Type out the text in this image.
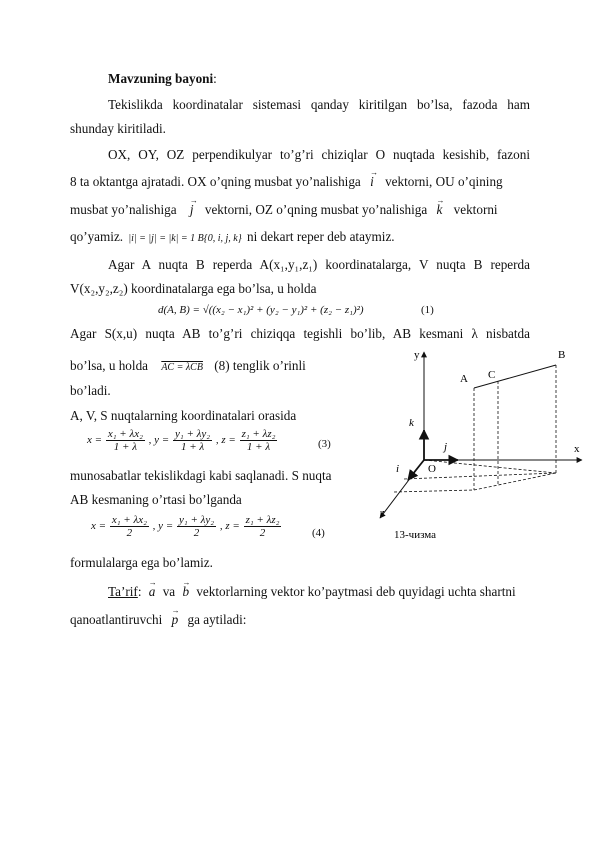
Mavzuning bayoni:
Tekislikda koordinatalar sistemasi qanday kiritilgan bo’lsa, fazoda ham
shunday kiritiladi.
OX, OY, OZ perpendikulyar to’g’ri chiziqlar O nuqtada kesishib, fazoni
8 ta oktantga ajratadi. OX o’qning musbat yo’nalishiga → i vektorni, OU o’qining
musbat yo’nalishiga → j vektorni, OZ o’qning musbat yo’nalishiga → k vektorni
qo’yamiz. |i| = |j| = |k| = 1 B{0, i, j, k} ni dekart reper deb ataymiz.
Agar A nuqta B reperda A(x₁,y₁,z₁) koordinatalarga, V nuqta B reperda
V(x₂,y₂,z₂) koordinatalarga ega bo’lsa, u holda
d(A, B) = √((x₂ − x₁)² + (y₂ − y₁)² + (z₂ − z₁)²)	(1)
Agar S(x,u) nuqta AB to’g’ri chiziqqa tegishli bo’lib, AB kesmani λ nisbatda
bo’lsa, u holda AC = λCB (8) tenglik o’rinli
bo’ladi.
A, V, S nuqtalarning koordinatalari orasida
$x = \frac{\text{x₁ + λx₂}}{1 + \lambda}$ , $y = \frac{\text{y₁ + λy₂}}{1 + \lambda}$ , $z = \frac{\text{z₁ + λz₂}}{1 + \lambda}$	(3)
munosabatlar tekislikdagi kabi saqlanadi. S nuqta
AB kesmaning o’rtasi bo’lganda
$x = \frac{\text{x₁ + λx₂}}{2}$ , $y = \frac{\text{y₁ + λy₂}}{2}$ , $z = \frac{\text{z₁ + λz₂}}{2}$	(4)
formulalarga ega bo’lamiz.
Ta’rif: → a va → b vektorlarning vektor ko’paytmasi deb quyidagi uchta shartni
qanoatlantiruvchi → p ga aytiladi:
y
x
z
O
A C
B
k
j
i
13-чизма
